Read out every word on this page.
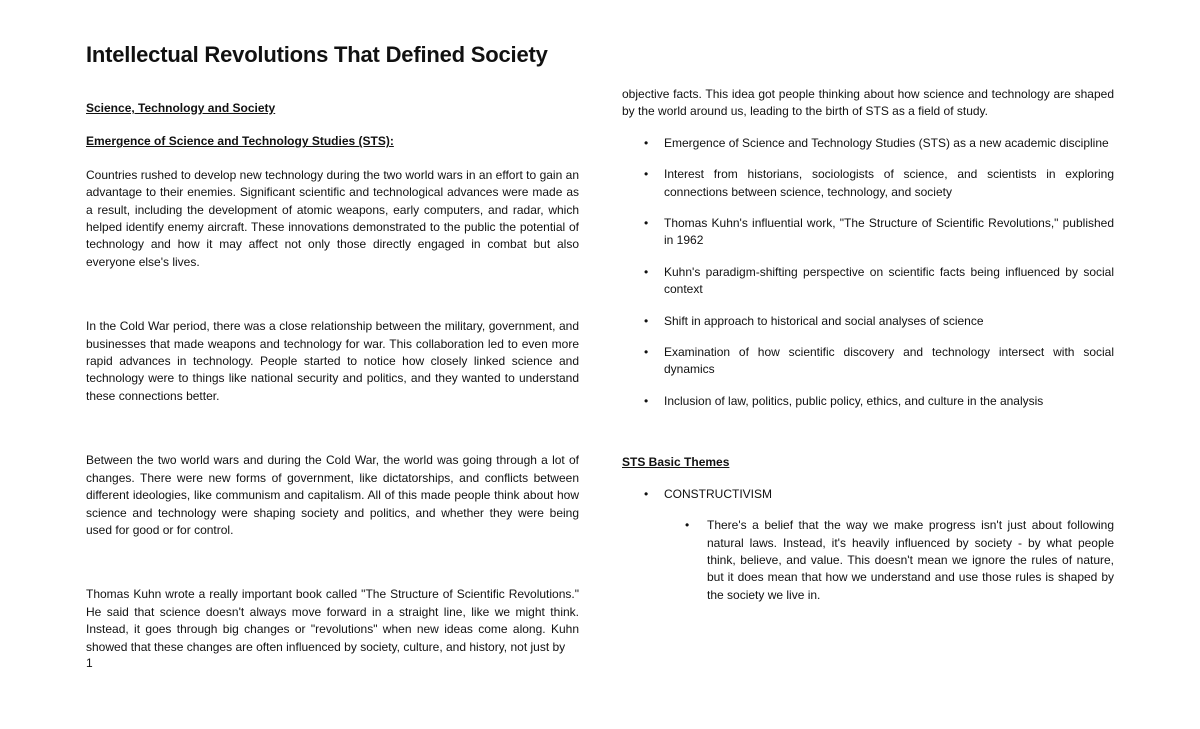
Intellectual Revolutions That Defined Society

Science, Technology and Society

Emergence of Science and Technology Studies (STS):

Countries rushed to develop new technology during the two world wars in an effort to gain an advantage to their enemies. Significant scientific and technological advances were made as a result, including the development of atomic weapons, early computers, and radar, which helped identify enemy aircraft. These innovations demonstrated to the public the potential of technology and how it may affect not only those directly engaged in combat but also everyone else's lives.

In the Cold War period, there was a close relationship between the military, government, and businesses that made weapons and technology for war. This collaboration led to even more rapid advances in technology. People started to notice how closely linked science and technology were to things like national security and politics, and they wanted to understand these connections better.

Between the two world wars and during the Cold War, the world was going through a lot of changes. There were new forms of government, like dictatorships, and conflicts between different ideologies, like communism and capitalism. All of this made people think about how science and technology were shaping society and politics, and whether they were being used for good or for control.

Thomas Kuhn wrote a really important book called "The Structure of Scientific Revolutions." He said that science doesn't always move forward in a straight line, like we might think. Instead, it goes through big changes or "revolutions" when new ideas come along. Kuhn showed that these changes are often influenced by society, culture, and history, not just by

objective facts. This idea got people thinking about how science and technology are shaped by the world around us, leading to the birth of STS as a field of study.

• Emergence of Science and Technology Studies (STS) as a new academic discipline
• Interest from historians, sociologists of science, and scientists in exploring connections between science, technology, and society
• Thomas Kuhn's influential work, "The Structure of Scientific Revolutions," published in 1962
• Kuhn's paradigm-shifting perspective on scientific facts being influenced by social context
• Shift in approach to historical and social analyses of science
• Examination of how scientific discovery and technology intersect with social dynamics
• Inclusion of law, politics, public policy, ethics, and culture in the analysis

STS Basic Themes

• CONSTRUCTIVISM
• There's a belief that the way we make progress isn't just about following natural laws. Instead, it's heavily influenced by society - by what people think, believe, and value. This doesn't mean we ignore the rules of nature, but it does mean that how we understand and use those rules is shaped by the society we live in.
1
